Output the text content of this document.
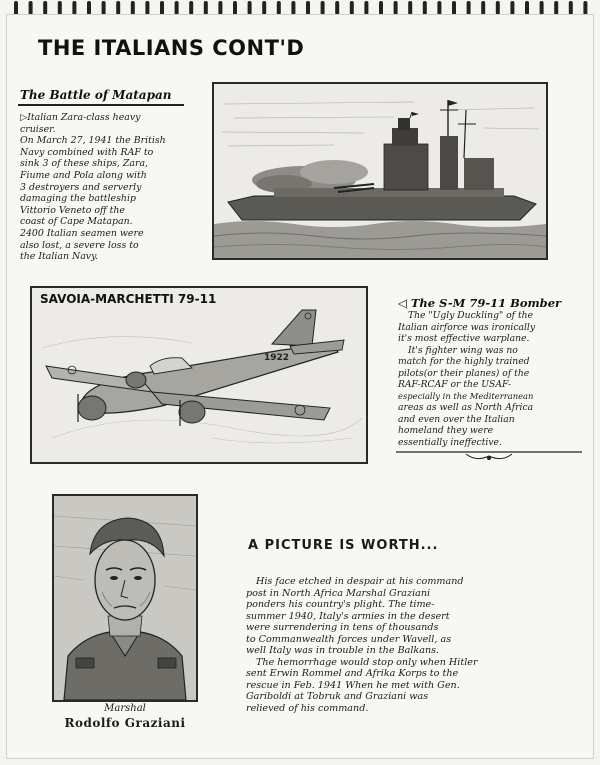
THE ITALIANS CONT'D
The Battle of Matapan

▷Italian Zara-class heavy

cruiser.

On March 27, 1941 the British

Navy combined with RAF to

sink 3 of these ships, Zara,

Fiume and Pola along with

3 destroyers and serverly

damaging the battleship

Vittorio Veneto off the

coast of Cape Matapan.

2400 Italian seamen were

also lost, a severe loss to

the Italian Navy.

1922
SAVOIA-MARCHETTI 79-11	◁ The S-M 79-11 Bomber

The "Ugly Duckling" of the

Italian airforce was ironically

it's most effective warplane.

It's fighter wing was no

match for the highly trained

pilots(or their planes) of the

RAF-RCAF or the USAF-

especially in the Mediterranean

areas as well as North Africa

and even over the Italian

homeland they were

essentially ineffective.

Marshal
Rodolfo Graziani
A PICTURE IS WORTH...

His face etched in despair at his command

post in North Africa Marshal Graziani

ponders his country's plight. The time-

summer 1940, Italy's armies in the desert

were surrendering in tens of thousands

to Commanwealth forces under Wavell, as

well Italy was in trouble in the Balkans.

The hemorrhage would stop only when Hitler

sent Erwin Rommel and Afrika Korps to the

rescue in Feb. 1941 When he met with Gen.

Gariboldi at Tobruk and Graziani was

relieved of his command.
